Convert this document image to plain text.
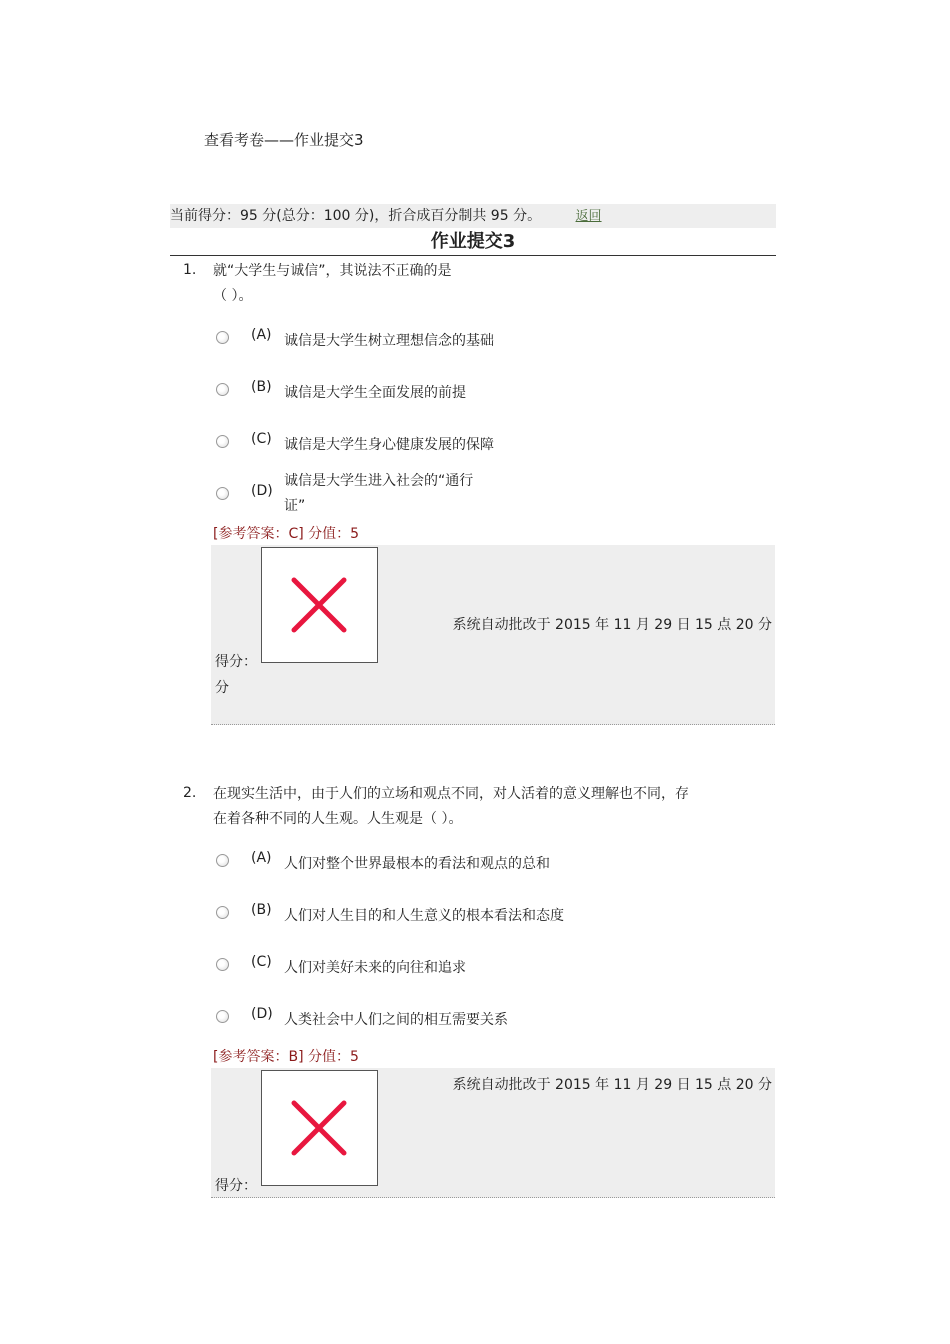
查看考卷——作业提交3
当前得分：95 分(总分：100 分)，折合成百分制共 95 分。	返回
作业提交3
1. 就“大学生与诚信”，其说法不正确的是
（ ）。
(A) 诚信是大学生树立理想信念的基础
(B) 诚信是大学生全面发展的前提
(C) 诚信是大学生身心健康发展的保障
(D)
诚信是大学生进入社会的“通行
证”
[参考答案：C] 分值：5
系统自动批改于 2015 年 11 月 29 日 15 点 20 分
得分：
分
2. 在现实生活中，由于人们的立场和观点不同，对人活着的意义理解也不同，存
在着各种不同的人生观。人生观是（ ）。
(A) 人们对整个世界最根本的看法和观点的总和
(B) 人们对人生目的和人生意义的根本看法和态度
(C) 人们对美好未来的向往和追求
(D) 人类社会中人们之间的相互需要关系
[参考答案：B] 分值：5
系统自动批改于 2015 年 11 月 29 日 15 点 20 分
得分：
